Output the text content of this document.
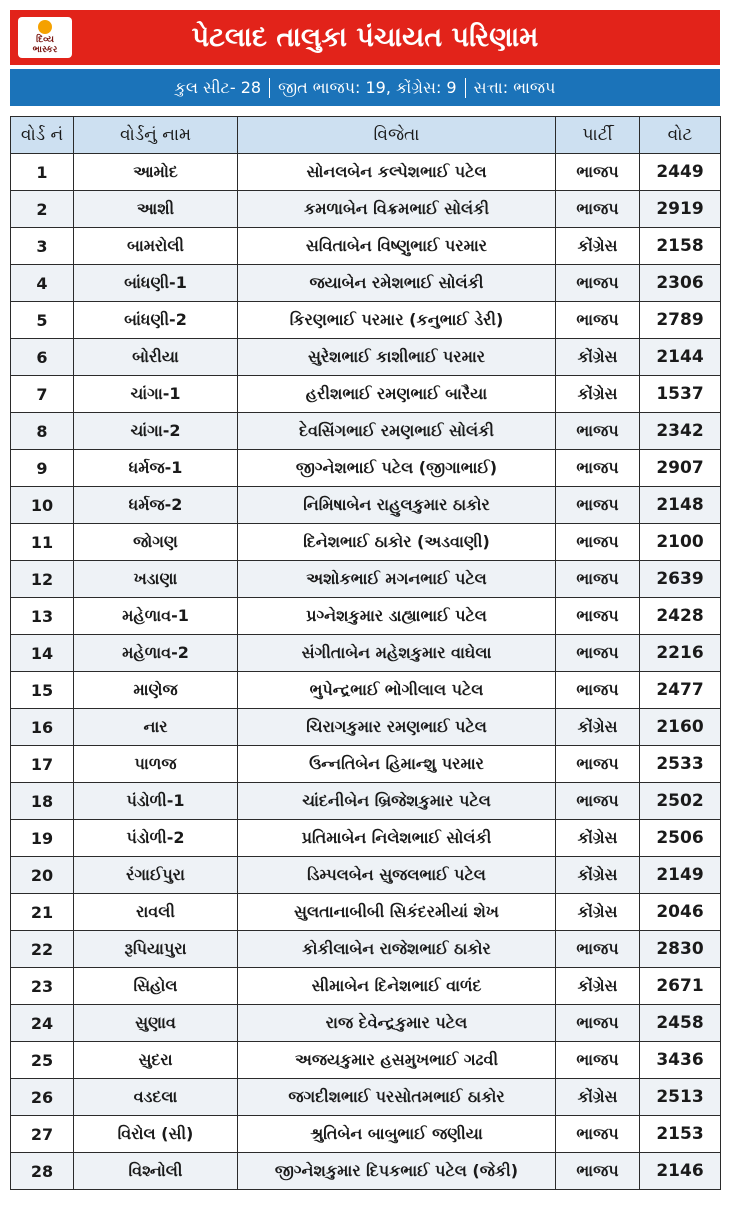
દિવ્ય
ભાસ્કર	પેટલાદ તાલુકા પંચાયત પરિણામ
કુલ સીટ- 28 જીત ભાજપ: 19, કોંગ્રેસ: 9 સત્તા: ભાજપ
વોર્ડ નં	વોર્ડનું નામ	વિજેતા	પાર્ટી	વોટ
1	આમોદ	સોનલબેન કલ્પેશભાઈ પટેલ	ભાજપ	2449
2	આશી	કમળાબેન વિક્રમભાઈ સોલંકી	ભાજપ	2919
3	બામરોલી	સવિતાબેન વિષ્ણુભાઈ પરમાર	કોંગ્રેસ	2158
4	બાંધણી-1	જયાબેન રમેશભાઈ સોલંકી	ભાજપ	2306
5	બાંધણી-2	કિરણભાઈ પરમાર (કનુભાઈ ડેરી)	ભાજપ	2789
6	બોરીયા	સુરેશભાઈ કાશીભાઈ પરમાર	કોંગ્રેસ	2144
7	ચાંગા-1	હરીશભાઈ રમણભાઈ બારૈયા	કોંગ્રેસ	1537
8	ચાંગા-2	દેવસિંગભાઈ રમણભાઈ સોલંકી	ભાજપ	2342
9	ધર્મજ-1	જીગ્નેશભાઈ પટેલ (જીગાભાઈ)	ભાજપ	2907
10	ધર્મજ-2	નિમિષાબેન રાહુલકુમાર ઠાકોર	ભાજપ	2148
11	જોગણ	દિનેશભાઈ ઠાકોર (અડવાણી)	ભાજપ	2100
12	ખડાણા	અશોકભાઈ મગનભાઈ પટેલ	ભાજપ	2639
13	મહેળાવ-1	પ્રગ્નેશકુમાર ડાહ્યાભાઈ પટેલ	ભાજપ	2428
14	મહેળાવ-2	સંગીતાબેન મહેશકુમાર વાઘેલા	ભાજપ	2216
15	માણેજ	ભુપેન્દ્રભાઈ ભોગીલાલ પટેલ	ભાજપ	2477
16	નાર	ચિરાગકુમાર રમણભાઈ પટેલ	કોંગ્રેસ	2160
17	પાળજ	ઉન્નતિબેન હિમાન્શુ પરમાર	ભાજપ	2533
18	પંડોળી-1	ચાંદનીબેન બ્રિજેશકુમાર પટેલ	ભાજપ	2502
19	પંડોળી-2	પ્રતિમાબેન નિલેશભાઈ સોલંકી	કોંગ્રેસ	2506
20	રંગાઈપુરા	ડિમ્પલબેન સુજલભાઈ પટેલ	કોંગ્રેસ	2149
21	રાવલી	સુલતાનાબીબી સિકંદરમીયાં શેખ	કોંગ્રેસ	2046
22	રૂપિયાપુરા	કોકીલાબેન રાજેશભાઈ ઠાકોર	ભાજપ	2830
23	સિહોલ	સીમાબેન દિનેશભાઈ વાળંદ	કોંગ્રેસ	2671
24	સુણાવ	રાજ દેવેન્દ્રકુમાર પટેલ	ભાજપ	2458
25	સુદરા	અજયકુમાર હસમુખભાઈ ગઢવી	ભાજપ	3436
26	વડદલા	જગદીશભાઈ પરસોતમભાઈ ઠાકોર	કોંગ્રેસ	2513
27	વિરોલ (સી)	શ્રુતિબેન બાબુભાઈ જણીયા	ભાજપ	2153
28	વિશ્નોલી	જીગ્નેશકુમાર દિપકભાઈ પટેલ (જેકી)	ભાજપ	2146
